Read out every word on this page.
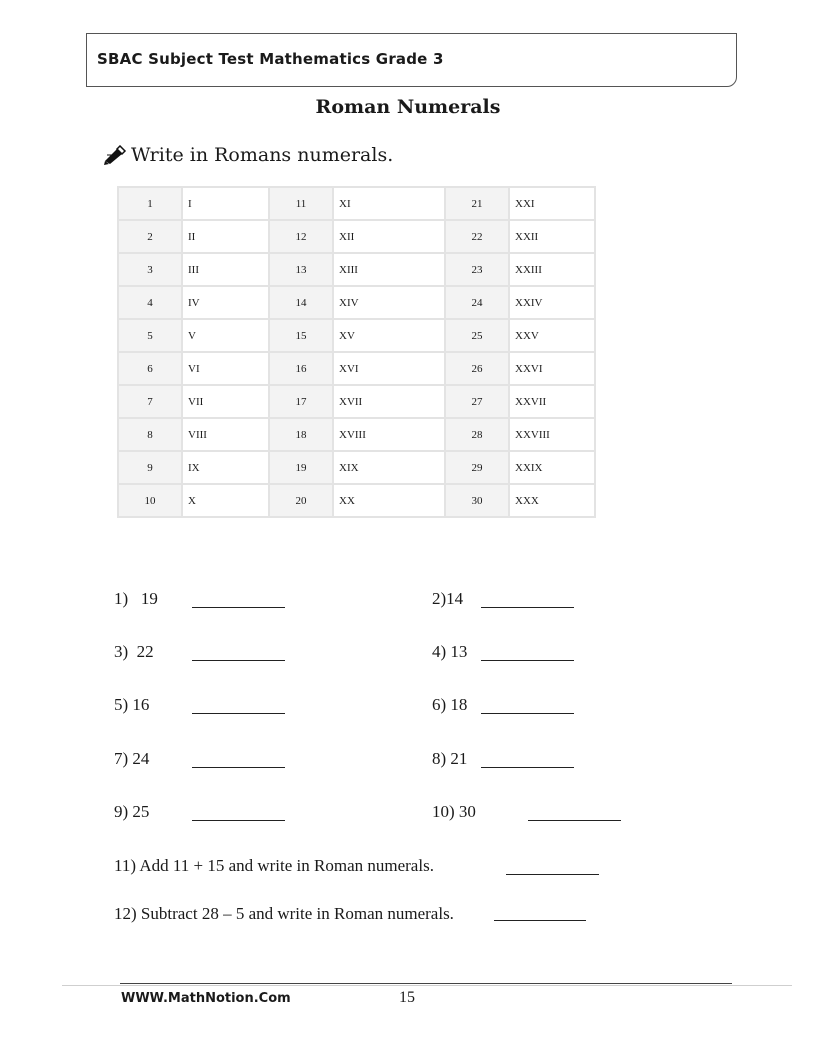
SBAC Subject Test Mathematics Grade 3
Roman Numerals
Write in Romans numerals.
1	I	11	XI	21	XXI
2	II	12	XII	22	XXII
3	III	13	XIII	23	XXIII
4	IV	14	XIV	24	XXIV
5	V	15	XV	25	XXV
6	VI	16	XVI	26	XXVI
7	VII	17	XVII	27	XXVII
8	VIII	18	XVIII	28	XXVIII
9	IX	19	XIX	29	XXIX
10	X	20	XX	30	XXX
1)   19	2)14
3)  22	4) 13
5) 16	6) 18
7) 24	8) 21
9) 25	10) 30
11) Add 11 + 15 and write in Roman numerals.
12) Subtract 28 – 5 and write in Roman numerals.
WWW.MathNotion.Com	15
